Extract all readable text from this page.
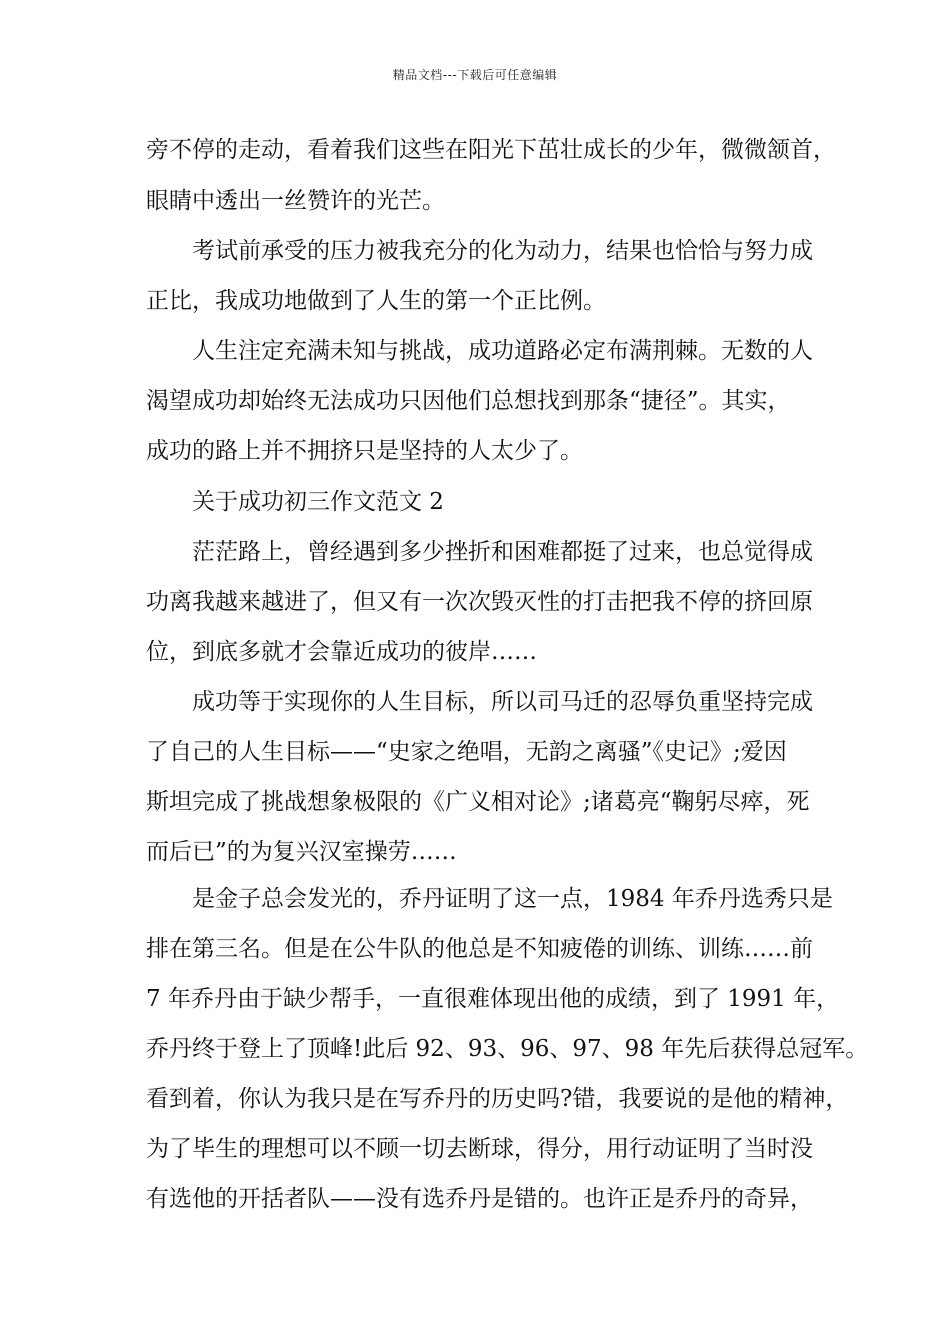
精品文档---下载后可任意编辑
旁不停的走动，看着我们这些在阳光下茁壮成长的少年，微微颔首，
眼睛中透出一丝赞许的光芒。
考试前承受的压力被我充分的化为动力，结果也恰恰与努力成
正比，我成功地做到了人生的第一个正比例。
人生注定充满未知与挑战，成功道路必定布满荆棘。无数的人
渴望成功却始终无法成功只因他们总想找到那条“捷径”。其实，
成功的路上并不拥挤只是坚持的人太少了。
关于成功初三作文范文 2
茫茫路上，曾经遇到多少挫折和困难都挺了过来，也总觉得成
功离我越来越进了，但又有一次次毁灭性的打击把我不停的挤回原
位，到底多就才会靠近成功的彼岸……
成功等于实现你的人生目标，所以司马迁的忍辱负重坚持完成
了自己的人生目标——“史家之绝唱，无韵之离骚”《史记》;爱因
斯坦完成了挑战想象极限的《广义相对论》;诸葛亮“鞠躬尽瘁，死
而后已”的为复兴汉室操劳……
是金子总会发光的，乔丹证明了这一点，1984 年乔丹选秀只是
排在第三名。但是在公牛队的他总是不知疲倦的训练、训练……前
7 年乔丹由于缺少帮手，一直很难体现出他的成绩，到了 1991 年，
乔丹终于登上了顶峰!此后 92、93、96、97、98 年先后获得总冠军。
看到着，你认为我只是在写乔丹的历史吗?错，我要说的是他的精神，
为了毕生的理想可以不顾一切去断球，得分，用行动证明了当时没
有选他的开括者队——没有选乔丹是错的。也许正是乔丹的奇异，
